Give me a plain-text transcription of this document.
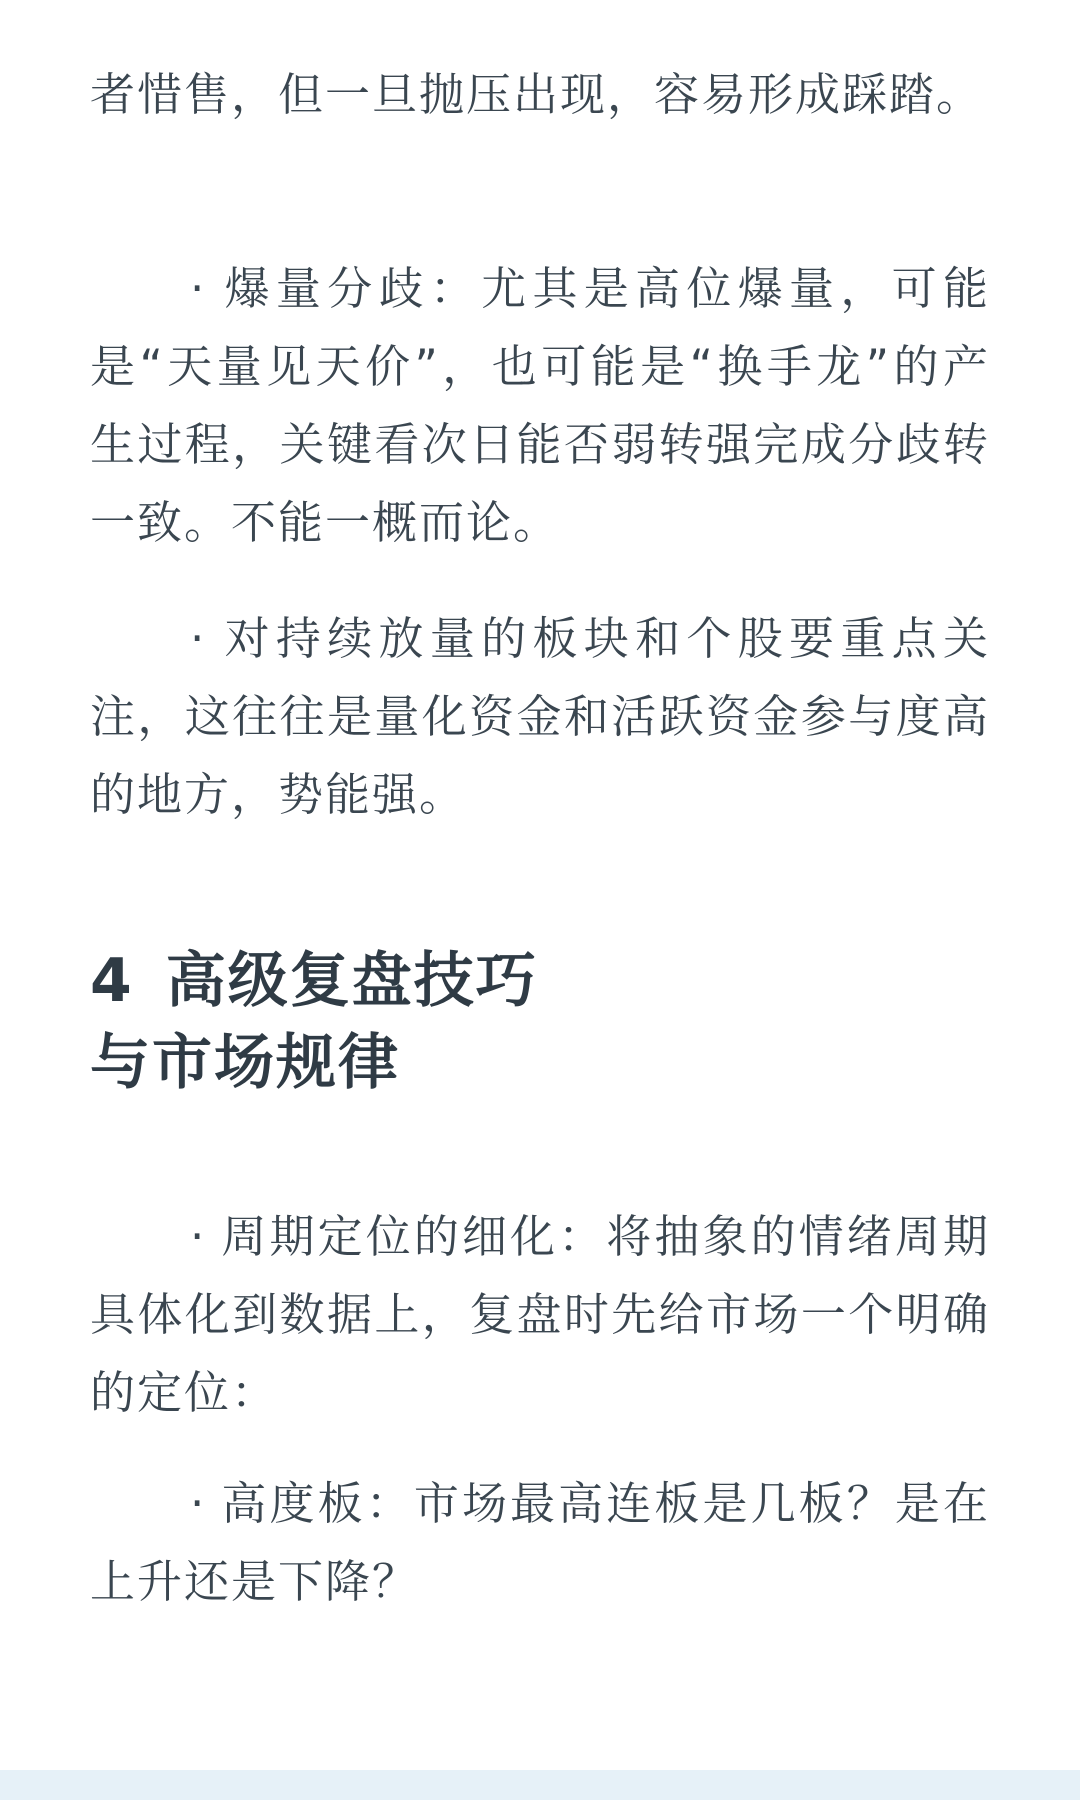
者惜售，但一旦抛压出现，容易形成踩踏。

· 爆量分歧：尤其是高位爆量，可能是“天量见天价”，也可能是“换手龙”的产生过程，关键看次日能否弱转强完成分歧转一致。不能一概而论。

· 对持续放量的板块和个股要重点关注，这往往是量化资金和活跃资金参与度高的地方，势能强。

4 高级复盘技巧
与市场规律

· 周期定位的细化：将抽象的情绪周期具体化到数据上，复盘时先给市场一个明确的定位：

· 高度板：市场最高连板是几板？是在上升还是下降？
